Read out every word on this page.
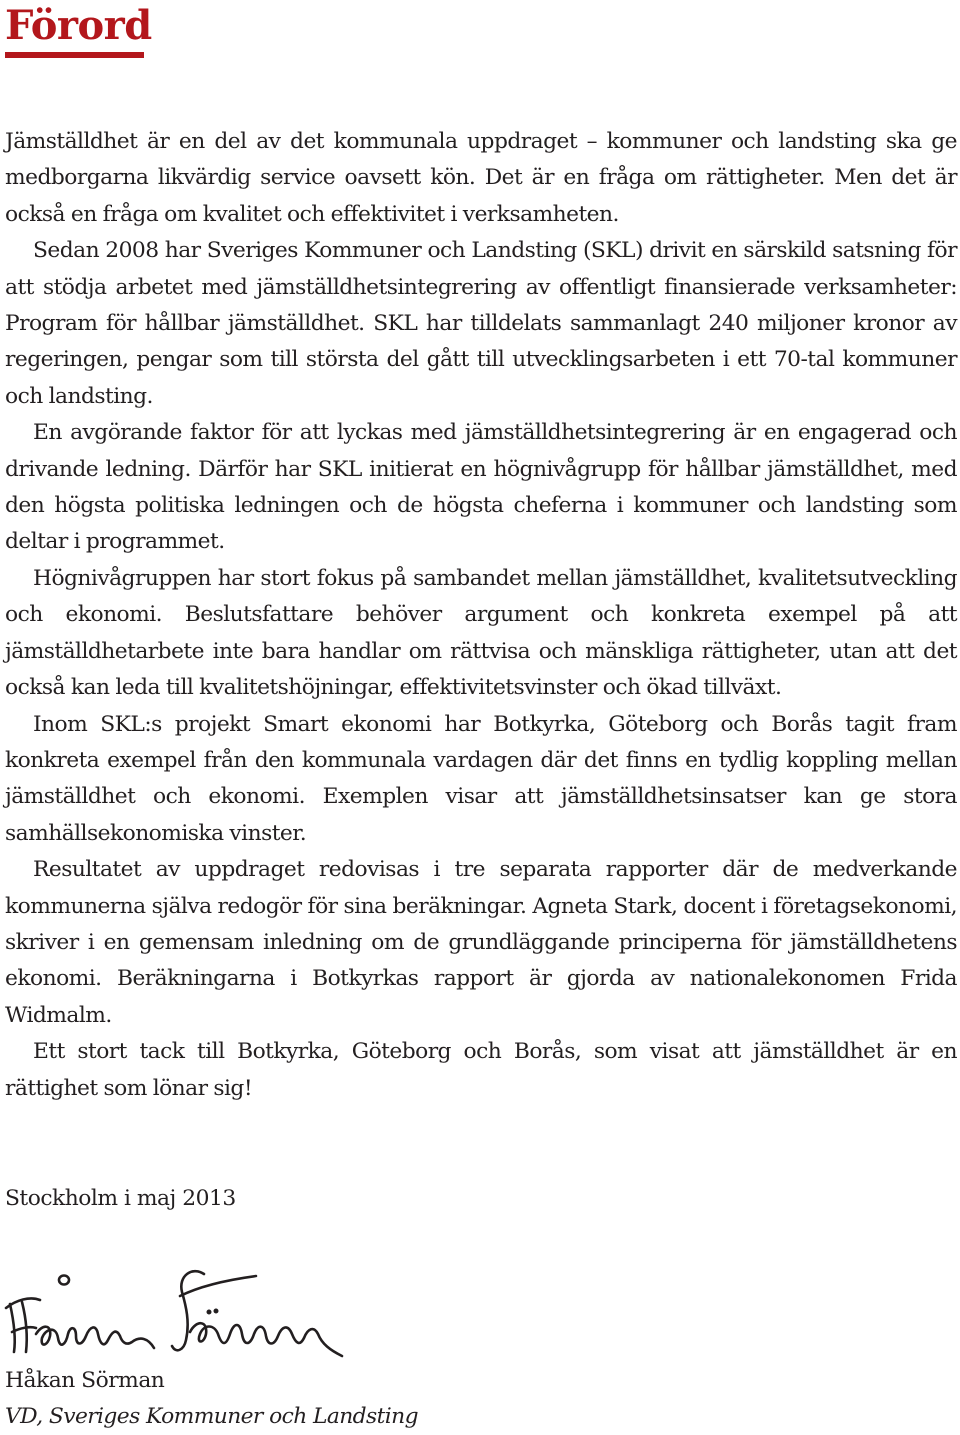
Förord

Jämställdhet är en del av det kommunala uppdraget – kommuner och landsting ska ge medborgarna likvärdig service oavsett kön. Det är en fråga om rättigheter. Men det är också en fråga om kvalitet och effektivitet i verksamheten.

Sedan 2008 har Sveriges Kommuner och Landsting (SKL) drivit en särskild satsning för att stödja arbetet med jämställdhetsintegrering av offentligt finansierade verksamheter: Program för hållbar jämställdhet. SKL har tilldelats sammanlagt 240 miljoner kronor av regeringen, pengar som till största del gått till utvecklingsarbeten i ett 70-tal kommuner och landsting.

En avgörande faktor för att lyckas med jämställdhetsintegrering är en engagerad och drivande ledning. Därför har SKL initierat en högnivågrupp för hållbar jämställdhet, med den högsta politiska ledningen och de högsta cheferna i kommuner och landsting som deltar i programmet.

Högnivågruppen har stort fokus på sambandet mellan jämställdhet, kvalitetsutveckling och ekonomi. Beslutsfattare behöver argument och konkreta exempel på att jämställdhetarbete inte bara handlar om rättvisa och mänskliga rättigheter, utan att det också kan leda till kvalitetshöjningar, effektivitetsvinster och ökad tillväxt.

Inom SKL:s projekt Smart ekonomi har Botkyrka, Göteborg och Borås tagit fram konkreta exempel från den kommunala vardagen där det finns en tydlig koppling mellan jämställdhet och ekonomi. Exemplen visar att jämställdhetsinsatser kan ge stora samhällsekonomiska vinster.

Resultatet av uppdraget redovisas i tre separata rapporter där de medverkande kommunerna själva redogör för sina beräkningar. Agneta Stark, docent i företagsekonomi, skriver i en gemensam inledning om de grundläggande principerna för jämställdhetens ekonomi. Beräkningarna i Botkyrkas rapport är gjorda av nationalekonomen Frida Widmalm.

Ett stort tack till Botkyrka, Göteborg och Borås, som visat att jämställdhet är en rättighet som lönar sig!

Stockholm i maj 2013

Håkan Sörman

VD, Sveriges Kommuner och Landsting
